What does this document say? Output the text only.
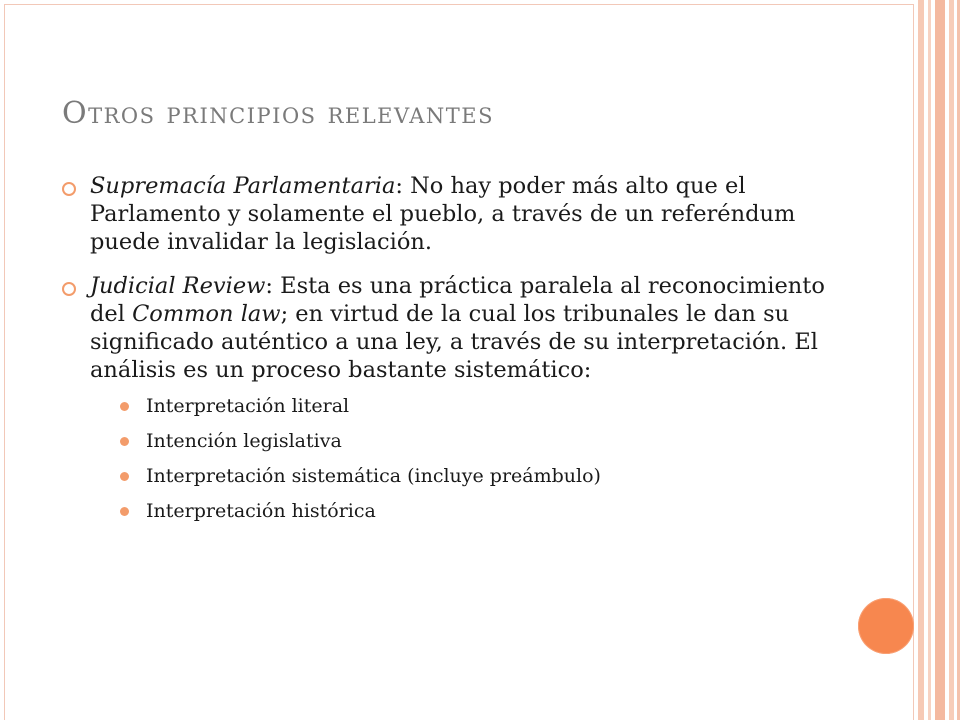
Otros principios relevantes
Supremacía Parlamentaria: No hay poder más alto que el Parlamento y solamente el pueblo, a través de un referéndum puede invalidar la legislación.
Judicial Review: Esta es una práctica paralela al reconocimiento del Common law; en virtud de la cual los tribunales le dan su significado auténtico a una ley, a través de su interpretación. El análisis es un proceso bastante sistemático:
Interpretación literal
Intención legislativa
Interpretación sistemática (incluye preámbulo)
Interpretación histórica
